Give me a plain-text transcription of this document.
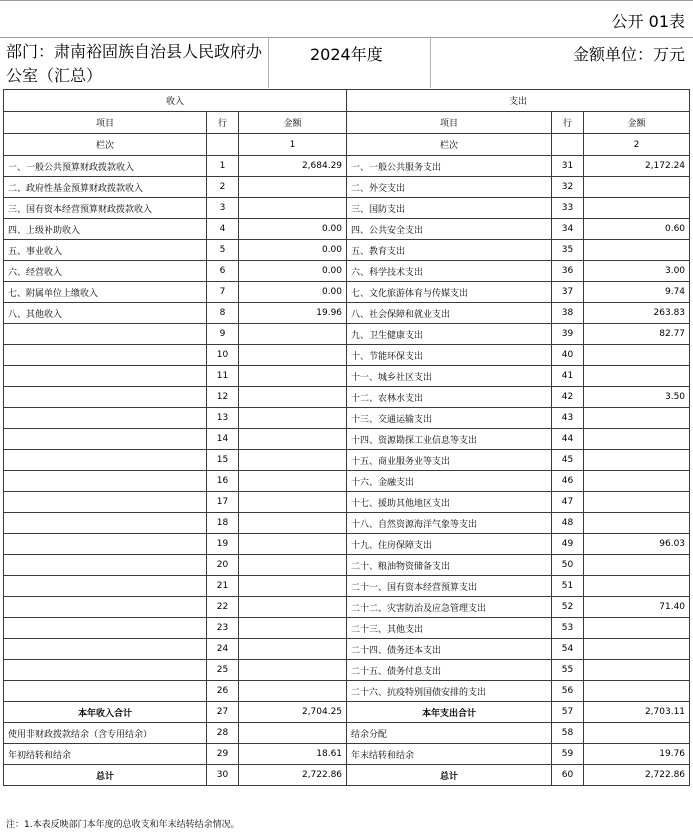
公开 01表
部门：肃南裕固族自治县人民政府办公室（汇总）
2024年度	金额单位：万元
收入			支出		
项目	行	金额	项目	行	金额
栏次		1	栏次		2
一、一般公共预算财政拨款收入	1	2,684.29	一、一般公共服务支出	31	2,172.24
二、政府性基金预算财政拨款收入	2		二、外交支出	32	
三、国有资本经营预算财政拨款收入	3		三、国防支出	33	
四、上级补助收入	4	0.00	四、公共安全支出	34	0.60
五、事业收入	5	0.00	五、教育支出	35	
六、经营收入	6	0.00	六、科学技术支出	36	3.00
七、附属单位上缴收入	7	0.00	七、文化旅游体育与传媒支出	37	9.74
八、其他收入	8	19.96	八、社会保障和就业支出	38	263.83
	9		九、卫生健康支出	39	82.77
	10		十、节能环保支出	40	
	11		十一、城乡社区支出	41	
	12		十二、农林水支出	42	3.50
	13		十三、交通运输支出	43	
	14		十四、资源勘探工业信息等支出	44	
	15		十五、商业服务业等支出	45	
	16		十六、金融支出	46	
	17		十七、援助其他地区支出	47	
	18		十八、自然资源海洋气象等支出	48	
	19		十九、住房保障支出	49	96.03
	20		二十、粮油物资储备支出	50	
	21		二十一、国有资本经营预算支出	51	
	22		二十二、灾害防治及应急管理支出	52	71.40
	23		二十三、其他支出	53	
	24		二十四、债务还本支出	54	
	25		二十五、债务付息支出	55	
	26		二十六、抗疫特别国债安排的支出	56	
本年收入合计	27	2,704.25	本年支出合计	57	2,703.11
使用非财政拨款结余（含专用结余）	28		结余分配	58	
年初结转和结余	29	18.61	年末结转和结余	59	19.76
总计	30	2,722.86	总计	60	2,722.86
注：1.本表反映部门本年度的总收支和年末结转结余情况。
